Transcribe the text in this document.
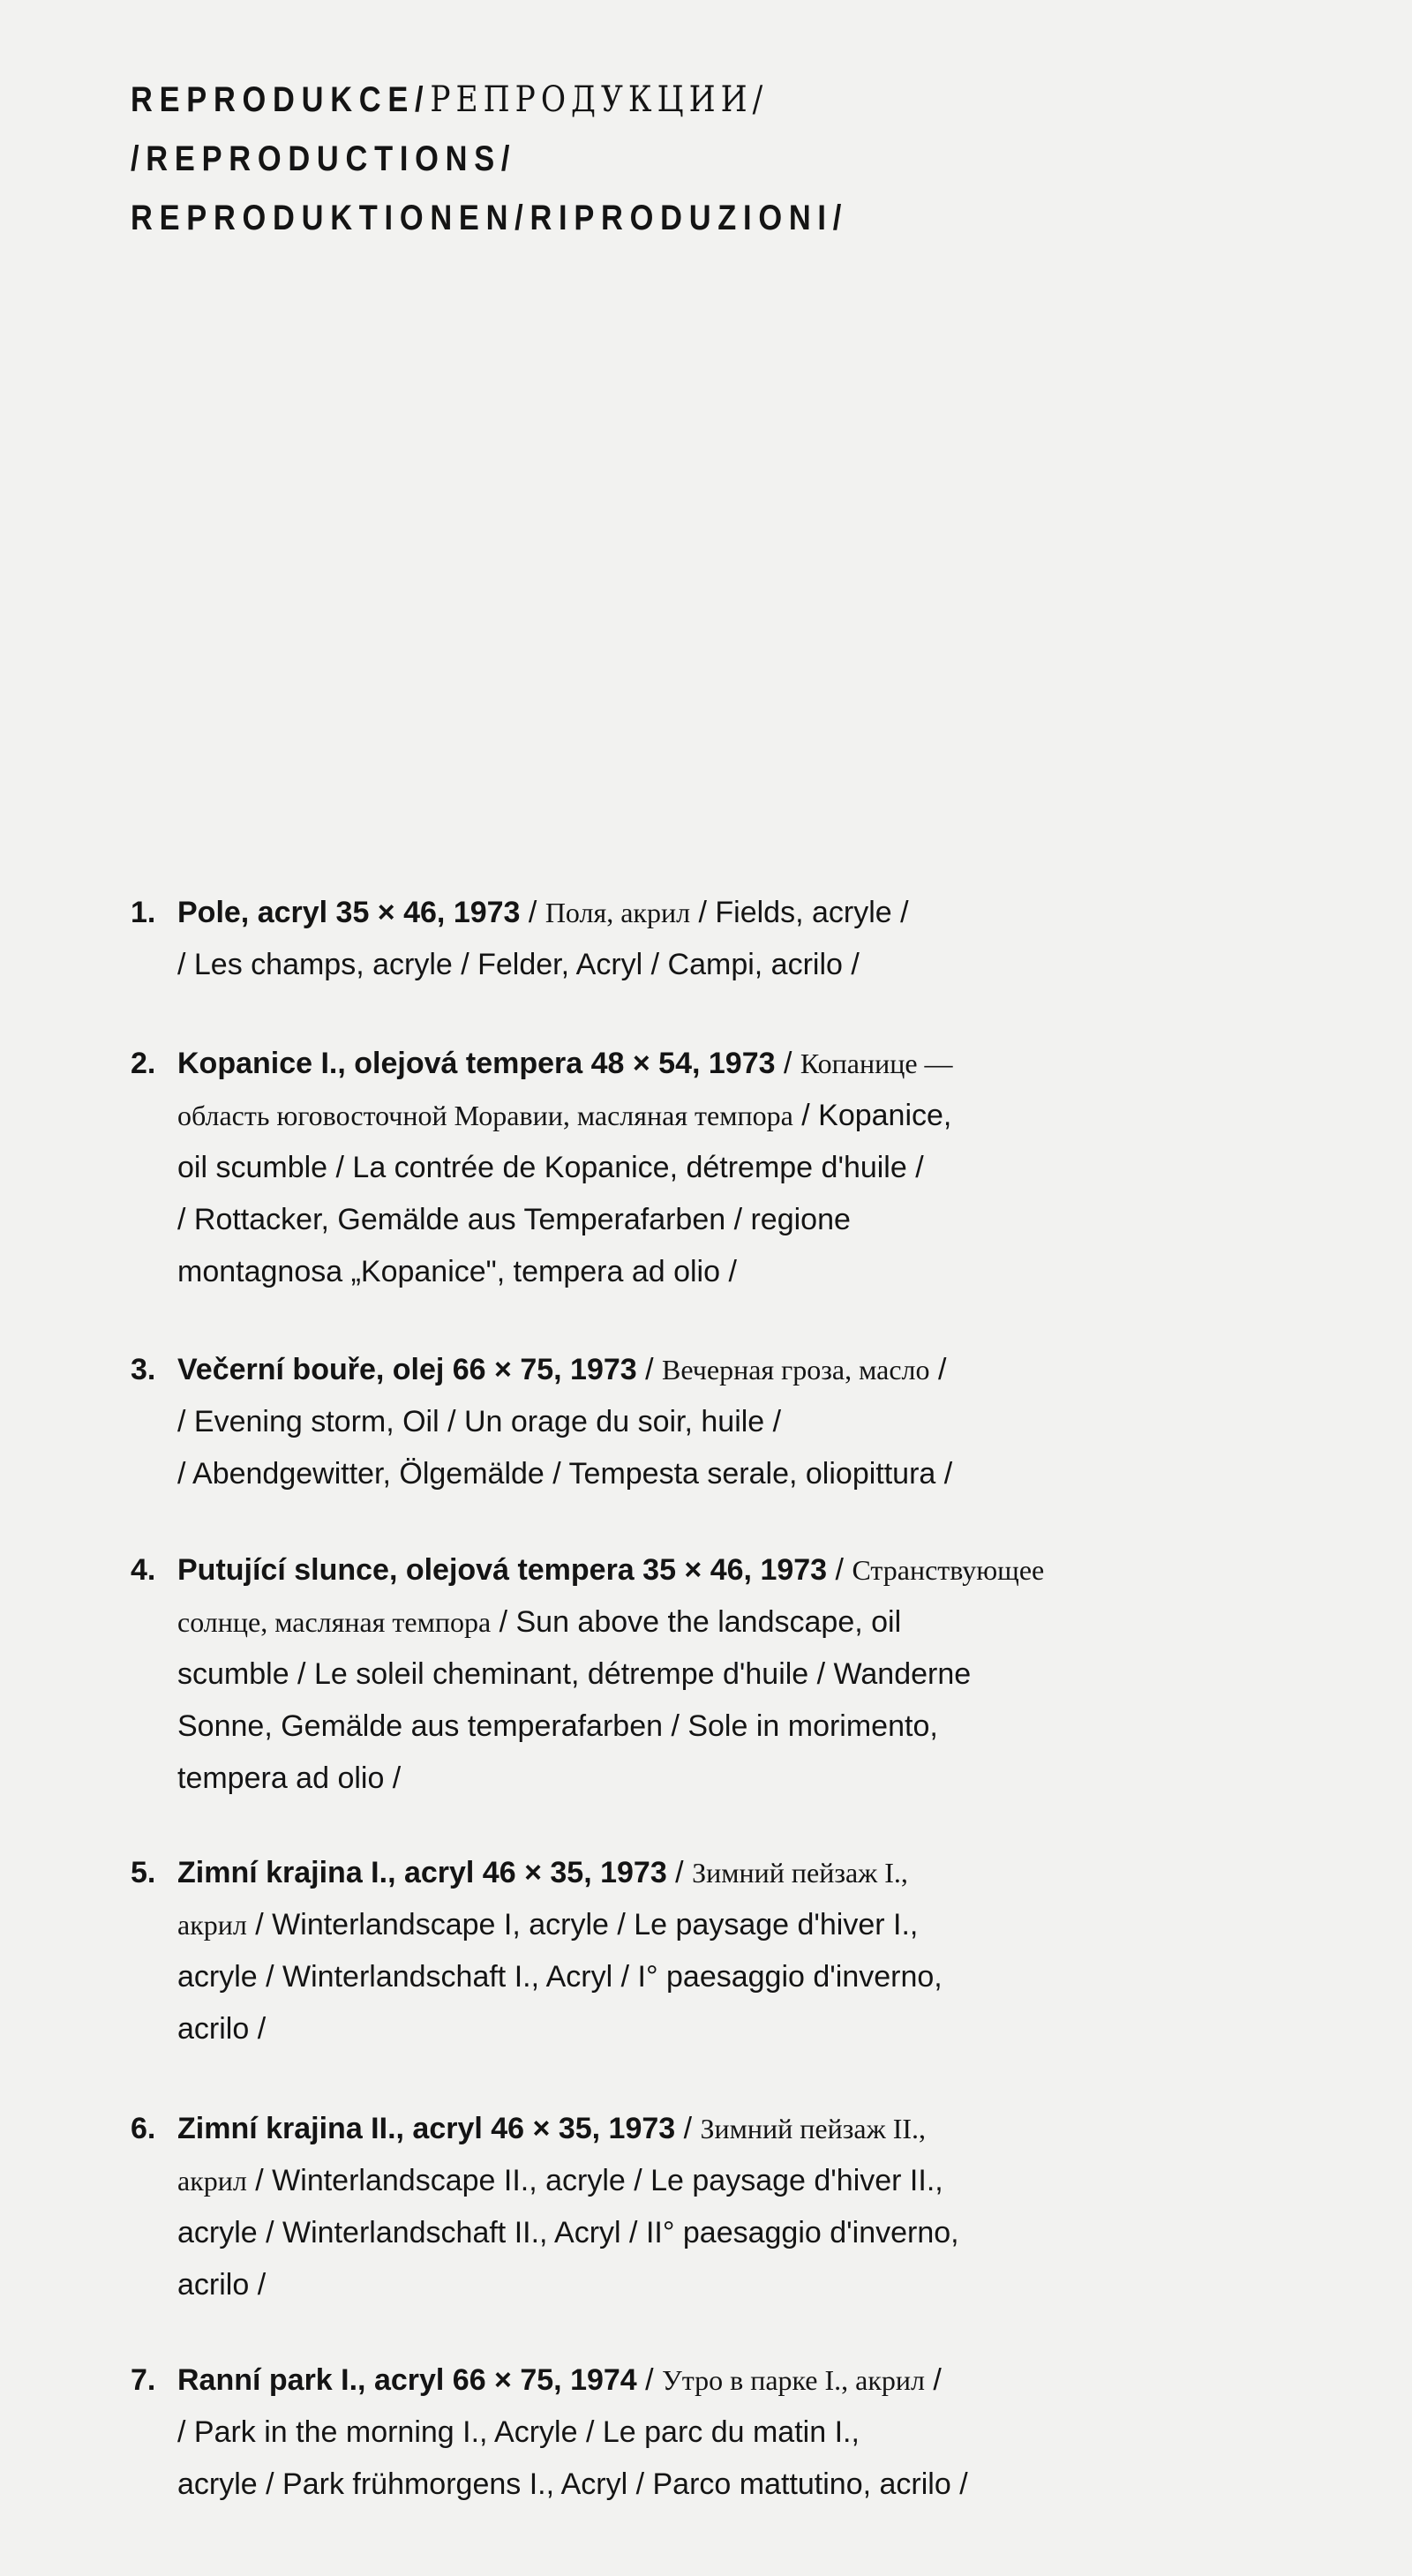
REPRODUKCE/РЕПРОДУКЦИИ/
/REPRODUCTIONS/
REPRODUKTIONEN/RIPRODUZIONI/
1. Pole, acryl 35 × 46, 1973 / Поля, акрил / Fields, acryle /
/ Les champs, acryle / Felder, Acryl / Campi, acrilo /
2. Kopanice I., olejová tempera 48 × 54, 1973 / Копанице —
область юговосточной Моравии, масляная темпора / Kopanice,
oil scumble / La contrée de Kopanice, détrempe d'huile /
/ Rottacker, Gemälde aus Temperafarben / regione
montagnosa „Kopanice", tempera ad olio /
3. Večerní bouře, olej 66 × 75, 1973 / Вечерная гроза, масло /
/ Evening storm, Oil / Un orage du soir, huile /
/ Abendgewitter, Ölgemälde / Tempesta serale, oliopittura /
4. Putující slunce, olejová tempera 35 × 46, 1973 / Странствующее
солнце, масляная темпора / Sun above the landscape, oil
scumble / Le soleil cheminant, détrempe d'huile / Wanderne
Sonne, Gemälde aus temperafarben / Sole in morimento,
tempera ad olio /
5. Zimní krajina I., acryl 46 × 35, 1973 / Зимний пейзаж I.,
акрил / Winterlandscape I, acryle / Le paysage d'hiver I.,
acryle / Winterlandschaft I., Acryl / I° paesaggio d'inverno,
acrilo /
6. Zimní krajina II., acryl 46 × 35, 1973 / Зимний пейзаж II.,
акрил / Winterlandscape II., acryle / Le paysage d'hiver II.,
acryle / Winterlandschaft II., Acryl / II° paesaggio d'inverno,
acrilo /
7. Ranní park I., acryl 66 × 75, 1974 / Утро в парке I., акрил /
/ Park in the morning I., Acryle / Le parc du matin I.,
acryle / Park frühmorgens I., Acryl / Parco mattutino, acrilo /
